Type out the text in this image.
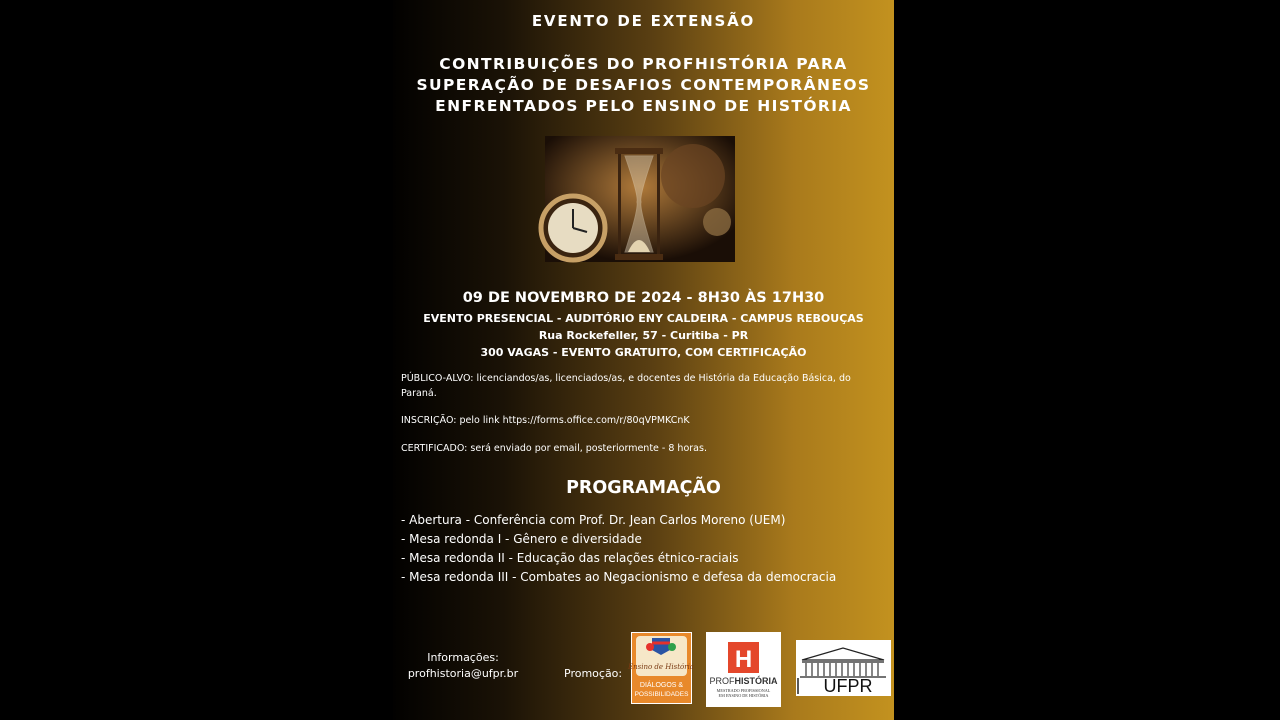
EVENTO DE EXTENSÃO
CONTRIBUIÇÕES DO PROFHISTÓRIA PARA
SUPERAÇÃO DE DESAFIOS CONTEMPORÂNEOS
ENFRENTADOS PELO ENSINO DE HISTÓRIA
09 DE NOVEMBRO DE 2024 - 8H30 ÀS 17H30
EVENTO PRESENCIAL - AUDITÓRIO ENY CALDEIRA - CAMPUS REBOUÇAS
Rua Rockefeller, 57 - Curitiba - PR
300 VAGAS - EVENTO GRATUITO, COM CERTIFICAÇÃO
PÚBLICO-ALVO: licenciandos/as, licenciados/as, e docentes de História da Educação Básica, do Paraná.
INSCRIÇÃO: pelo link https://forms.office.com/r/80qVPMKCnK
CERTIFICADO: será enviado por email, posteriormente - 8 horas.
PROGRAMAÇÃO
- Abertura - Conferência com Prof. Dr. Jean Carlos Moreno (UEM)
- Mesa redonda I - Gênero e diversidade
- Mesa redonda II - Educação das relações étnico-raciais
- Mesa redonda III - Combates ao Negacionismo e defesa da democracia
Informações:
profhistoria@ufpr.br	Promoção: Ensino de História
DIÁLOGOS &
POSSIBILIDADES
H
PROFHISTÓRIA
MESTRADO PROFISSIONAL
EM ENSINO DE HISTÓRIA	UFPR
